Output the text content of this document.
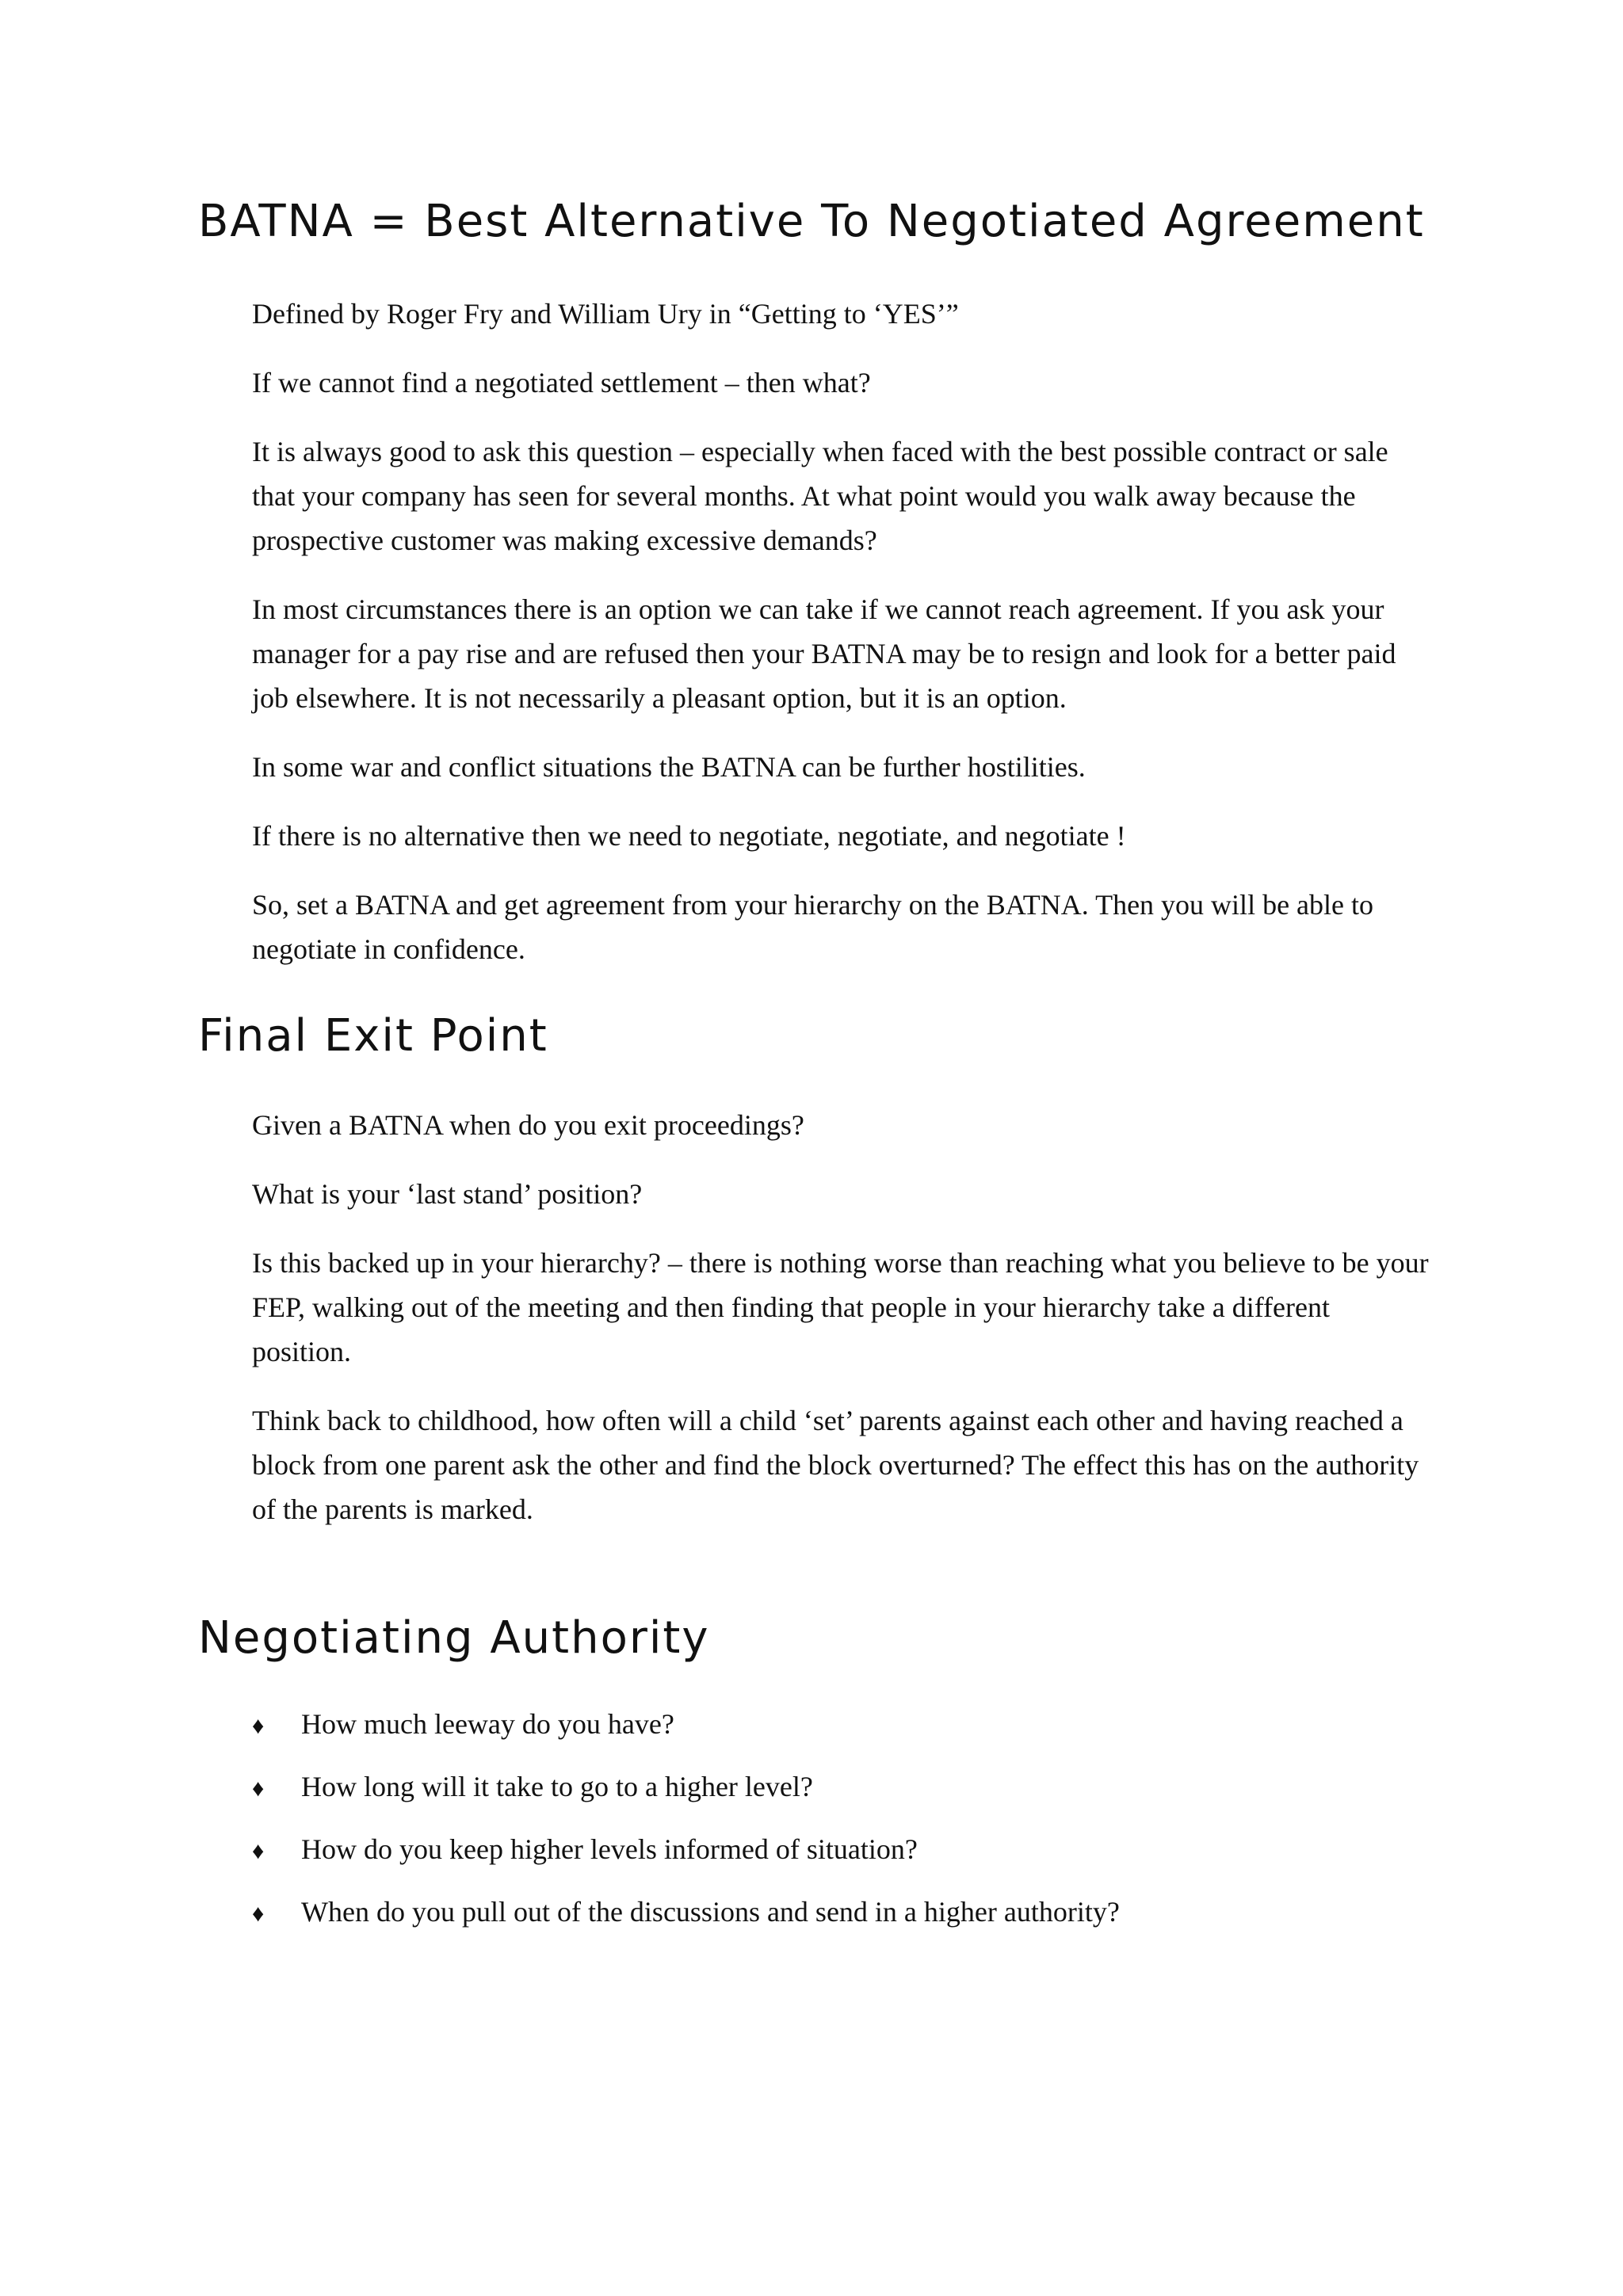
BATNA = Best Alternative To Negotiated Agreement

Defined by Roger Fry and William Ury in “Getting to ‘YES’”

If we cannot find a negotiated settlement – then what?

It is always good to ask this question – especially when faced with the best possible contract or sale that your company has seen for several months. At what point would you walk away because the prospective customer was making excessive demands?

In most circumstances there is an option we can take if we cannot reach agreement. If you ask your manager for a pay rise and are refused then your BATNA may be to resign and look for a better paid job elsewhere. It is not necessarily a pleasant option, but it is an option.

In some war and conflict situations the BATNA can be further hostilities.

If there is no alternative then we need to negotiate, negotiate, and negotiate !

So, set a BATNA and get agreement from your hierarchy on the BATNA. Then you will be able to negotiate in confidence.

Final Exit Point

Given a BATNA when do you exit proceedings?

What is your ‘last stand’ position?

Is this backed up in your hierarchy? – there is nothing worse than reaching what you believe to be your FEP, walking out of the meeting and then finding that people in your hierarchy take a different position.

Think back to childhood, how often will a child ‘set’ parents against each other and having reached a block from one parent ask the other and find the block overturned? The effect this has on the authority of the parents is marked.

Negotiating Authority
♦	How much leeway do you have?
♦	How long will it take to go to a higher level?
♦	How do you keep higher levels informed of situation?
♦	When do you pull out of the discussions and send in a higher authority?
